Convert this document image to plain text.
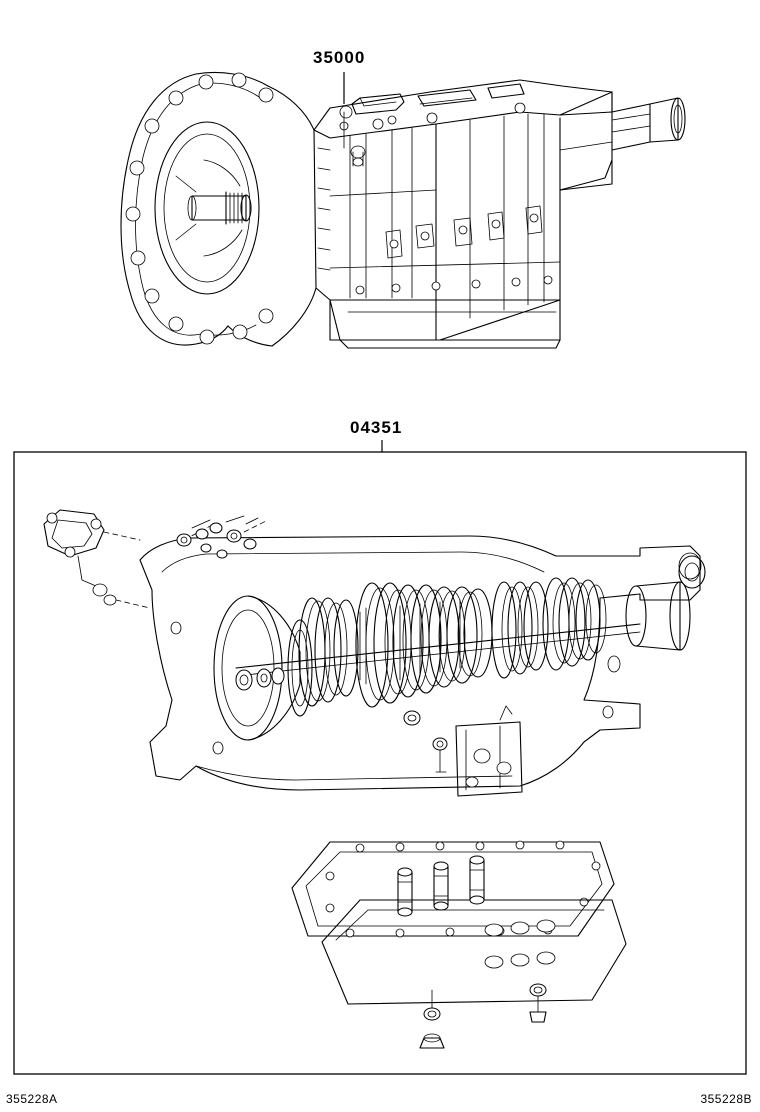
35000
04351
355228A	355228B
